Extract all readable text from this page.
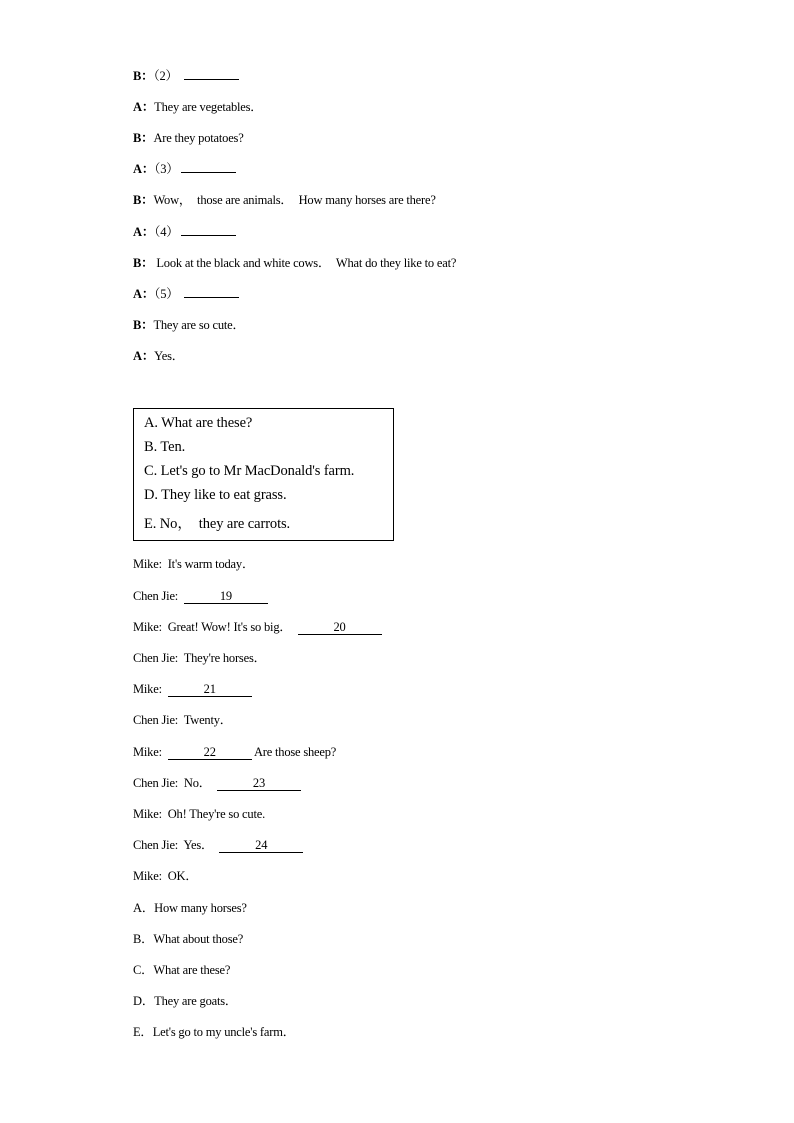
B：（2）
A：They are vegetables．
B：Are they potatoes?
A：（3）
B：Wow，  those are animals．  How many horses are there?
A：（4）
B： Look at the black and white cows．  What do they like to eat?
A：（5）
B：They are so cute．
A：Yes．
A. What are these?
B. Ten.
C. Let's go to Mr MacDonald's farm.
D. They like to eat grass.
E. No，  they are carrots.
Mike:  It's warm today．
Chen Jie:	19
Mike:  Great! Wow! It's so big．	20
Chen Jie:  They're horses．
Mike:	21
Chen Jie:  Twenty．
Mike:	22	Are those sheep?
Chen Jie:  No．	23
Mike:  Oh! They're so cute.
Chen Jie:  Yes．	24
Mike:  OK．
A．How many horses?
B．What about those?
C．What are these?
D．They are goats．
E．Let's go to my uncle's farm．
